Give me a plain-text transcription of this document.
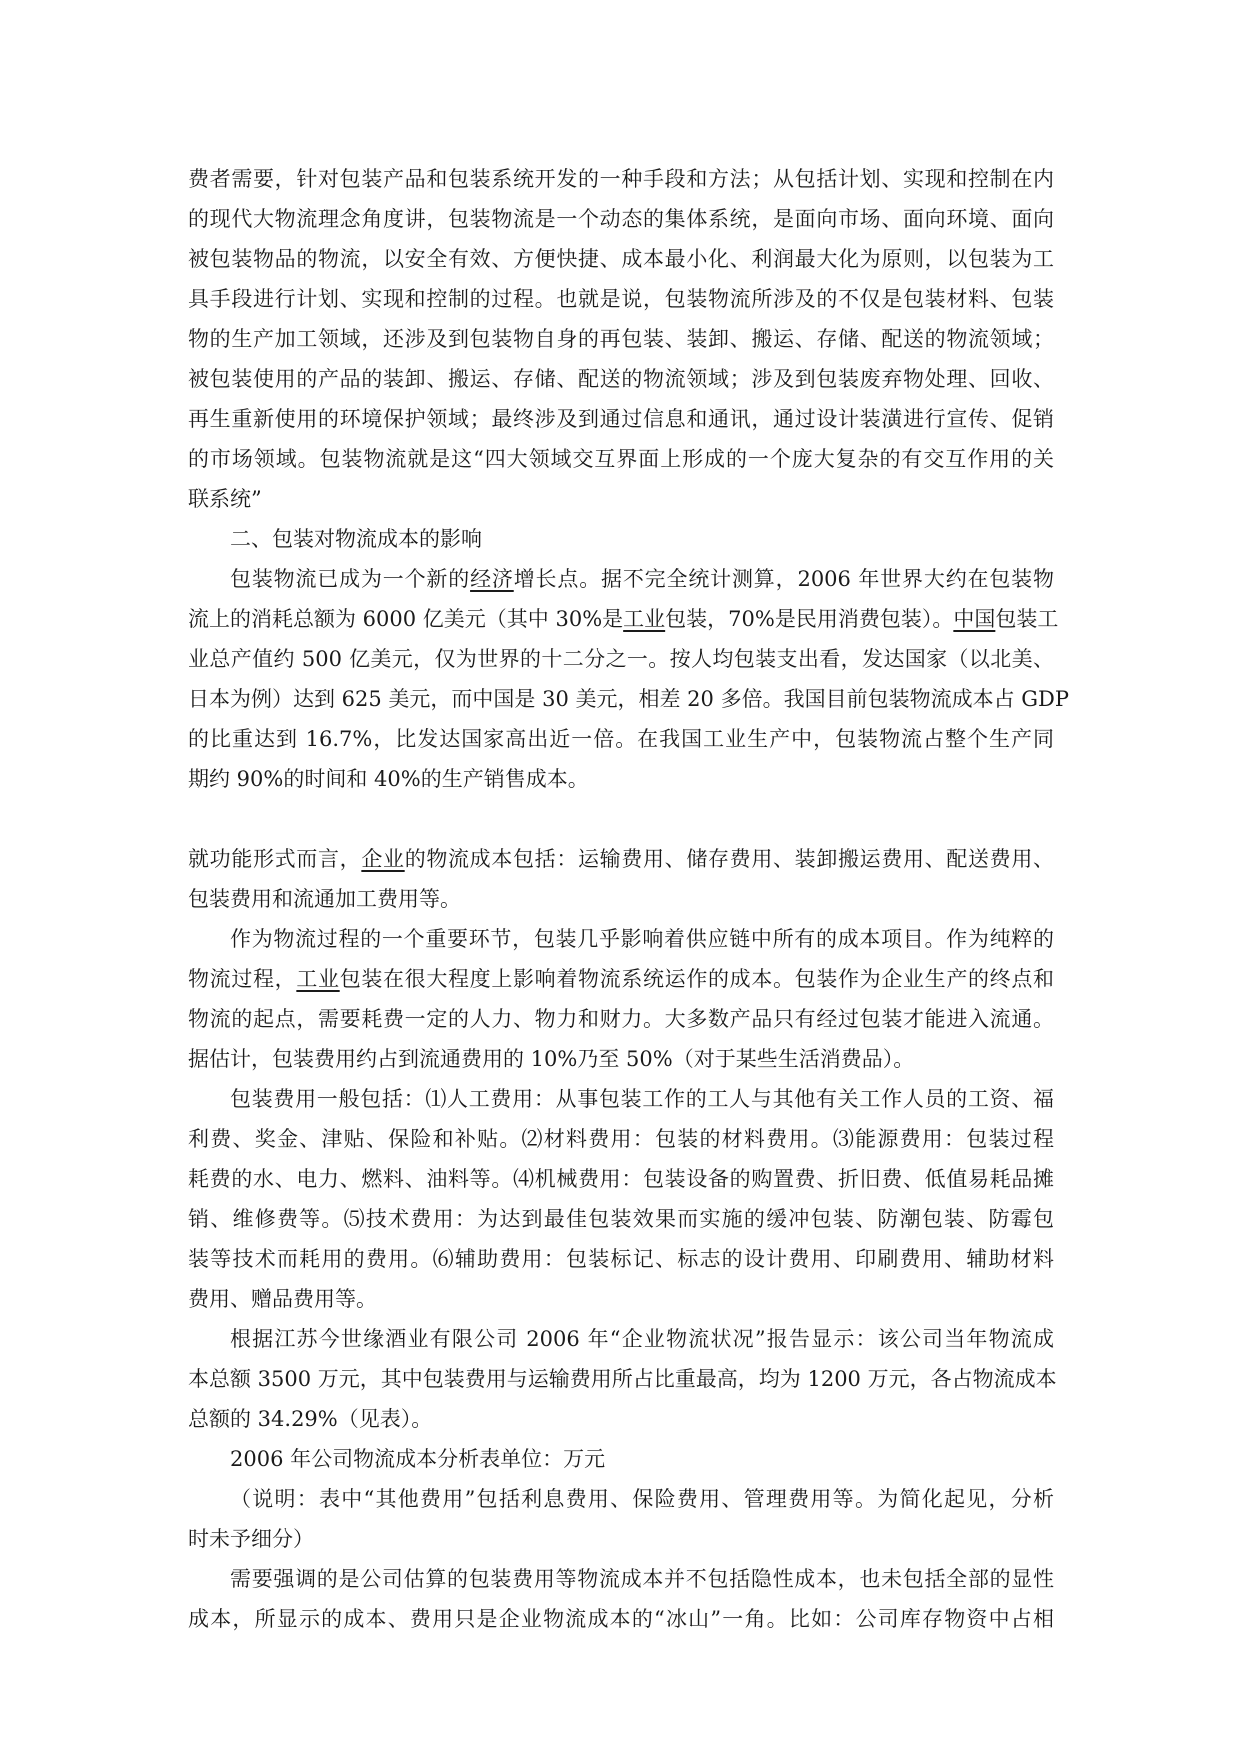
费者需要，针对包装产品和包装系统开发的一种手段和方法；从包括计划、实现和控制在内
的现代大物流理念角度讲，包装物流是一个动态的集体系统，是面向市场、面向环境、面向
被包装物品的物流，以安全有效、方便快捷、成本最小化、利润最大化为原则，以包装为工
具手段进行计划、实现和控制的过程。也就是说，包装物流所涉及的不仅是包装材料、包装
物的生产加工领域，还涉及到包装物自身的再包装、装卸、搬运、存储、配送的物流领域；
被包装使用的产品的装卸、搬运、存储、配送的物流领域；涉及到包装废弃物处理、回收、
再生重新使用的环境保护领域；最终涉及到通过信息和通讯，通过设计装潢进行宣传、促销
的市场领域。包装物流就是这“四大领域交互界面上形成的一个庞大复杂的有交互作用的关
联系统”
二、包装对物流成本的影响
包装物流已成为一个新的经济增长点。据不完全统计测算，2006 年世界大约在包装物
流上的消耗总额为 6000 亿美元（其中 30%是工业包装，70%是民用消费包装）。中国包装工
业总产值约 500 亿美元，仅为世界的十二分之一。按人均包装支出看，发达国家（以北美、
日本为例）达到 625 美元，而中国是 30 美元，相差 20 多倍。我国目前包装物流成本占 GDP
的比重达到 16.7%，比发达国家高出近一倍。在我国工业生产中，包装物流占整个生产同
期约 90%的时间和 40%的生产销售成本。
就功能形式而言，企业的物流成本包括：运输费用、储存费用、装卸搬运费用、配送费用、
包装费用和流通加工费用等。
作为物流过程的一个重要环节，包装几乎影响着供应链中所有的成本项目。作为纯粹的
物流过程，工业包装在很大程度上影响着物流系统运作的成本。包装作为企业生产的终点和
物流的起点，需要耗费一定的人力、物力和财力。大多数产品只有经过包装才能进入流通。
据估计，包装费用约占到流通费用的 10%乃至 50%（对于某些生活消费品）。
包装费用一般包括：⑴人工费用：从事包装工作的工人与其他有关工作人员的工资、福
利费、奖金、津贴、保险和补贴。⑵材料费用：包装的材料费用。⑶能源费用：包装过程
耗费的水、电力、燃料、油料等。⑷机械费用：包装设备的购置费、折旧费、低值易耗品摊
销、维修费等。⑸技术费用：为达到最佳包装效果而实施的缓冲包装、防潮包装、防霉包
装等技术而耗用的费用。⑹辅助费用：包装标记、标志的设计费用、印刷费用、辅助材料
费用、赠品费用等。
根据江苏今世缘酒业有限公司 2006 年“企业物流状况”报告显示：该公司当年物流成
本总额 3500 万元，其中包装费用与运输费用所占比重最高，均为 1200 万元，各占物流成本
总额的 34.29%（见表）。
2006 年公司物流成本分析表单位：万元
（说明：表中“其他费用”包括利息费用、保险费用、管理费用等。为简化起见，分析
时未予细分）
需要强调的是公司估算的包装费用等物流成本并不包括隐性成本，也未包括全部的显性
成本，所显示的成本、费用只是企业物流成本的“冰山”一角。比如：公司库存物资中占相
